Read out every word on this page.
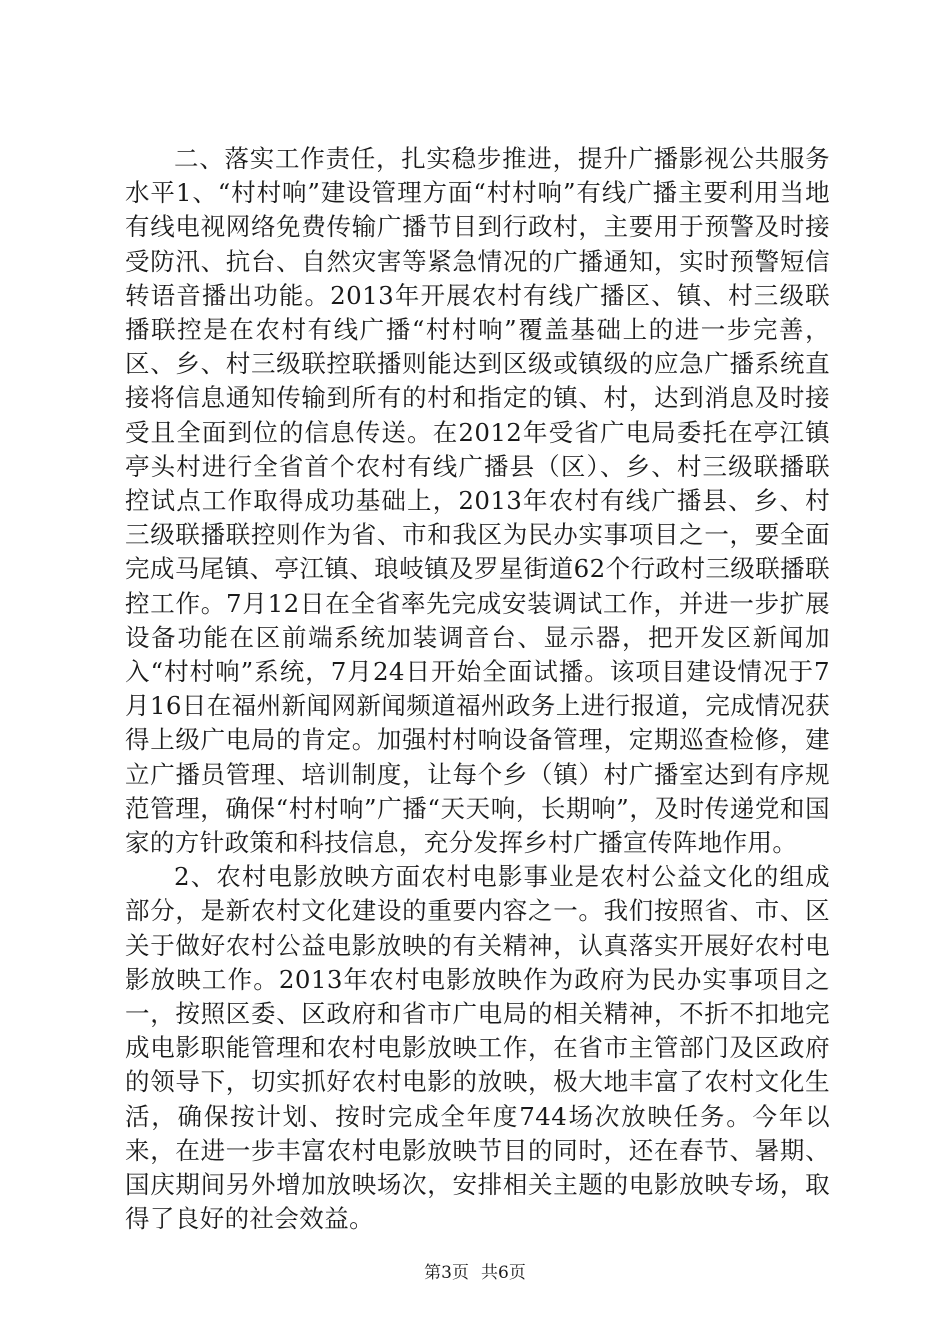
二、落实工作责任，扎实稳步推进，提升广播影视公共服务水平1、“村村响”建设管理方面“村村响”有线广播主要利用当地有线电视网络免费传输广播节目到行政村，主要用于预警及时接受防汛、抗台、自然灾害等紧急情况的广播通知，实时预警短信转语音播出功能。2013年开展农村有线广播区、镇、村三级联播联控是在农村有线广播“村村响”覆盖基础上的进一步完善，区、乡、村三级联控联播则能达到区级或镇级的应急广播系统直接将信息通知传输到所有的村和指定的镇、村，达到消息及时接受且全面到位的信息传送。在2012年受省广电局委托在亭江镇亭头村进行全省首个农村有线广播县（区）、乡、村三级联播联控试点工作取得成功基础上，2013年农村有线广播县、乡、村三级联播联控则作为省、市和我区为民办实事项目之一，要全面完成马尾镇、亭江镇、琅岐镇及罗星街道62个行政村三级联播联控工作。7月12日在全省率先完成安装调试工作，并进一步扩展设备功能在区前端系统加装调音台、显示器，把开发区新闻加入“村村响”系统，7月24日开始全面试播。该项目建设情况于7月16日在福州新闻网新闻频道福州政务上进行报道，完成情况获得上级广电局的肯定。加强村村响设备管理，定期巡查检修，建立广播员管理、培训制度，让每个乡（镇）村广播室达到有序规范管理，确保“村村响”广播“天天响，长期响”，及时传递党和国家的方针政策和科技信息，充分发挥乡村广播宣传阵地作用。

2、农村电影放映方面农村电影事业是农村公益文化的组成部分，是新农村文化建设的重要内容之一。我们按照省、市、区关于做好农村公益电影放映的有关精神，认真落实开展好农村电影放映工作。2013年农村电影放映作为政府为民办实事项目之一，按照区委、区政府和省市广电局的相关精神，不折不扣地完成电影职能管理和农村电影放映工作，在省市主管部门及区政府的领导下，切实抓好农村电影的放映，极大地丰富了农村文化生活，确保按计划、按时完成全年度744场次放映任务。今年以来，在进一步丰富农村电影放映节目的同时，还在春节、暑期、国庆期间另外增加放映场次，安排相关主题的电影放映专场，取得了良好的社会效益。

第3页 共6页
